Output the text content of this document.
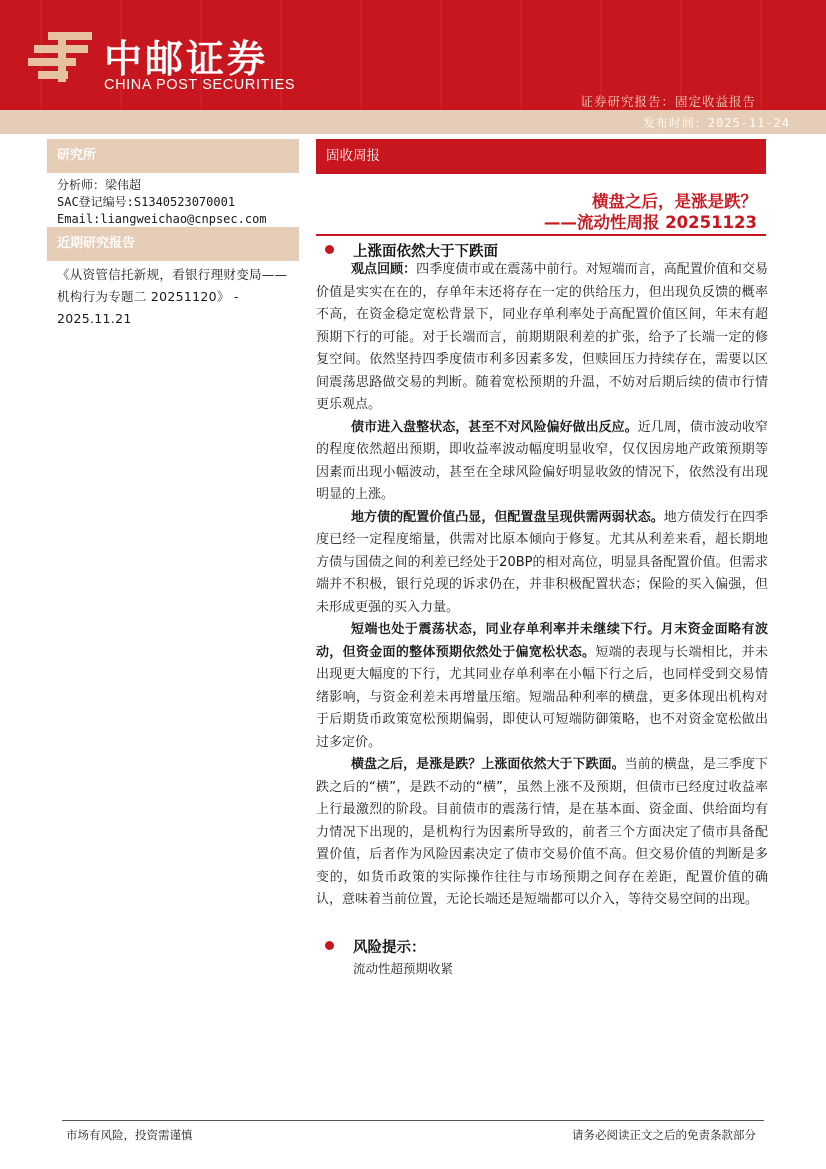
中邮证券
CHINA POST SECURITIES
证券研究报告：固定收益报告
发布时间：2025-11-24
研究所
分析师：梁伟超
SAC登记编号:S1340523070001
Email:liangweichao@cnpsec.com
近期研究报告
《从资管信托新规，看银行理财变局——机构行为专题二 20251120》 - 2025.11.21
固收周报
横盘之后，是涨是跌？
——流动性周报 20251123
上涨面依然大于下跌面

观点回顾：四季度债市或在震荡中前行。对短端而言，高配置价值和交易价值是实实在在的，存单年末还将存在一定的供给压力，但出现负反馈的概率不高，在资金稳定宽松背景下，同业存单利率处于高配置价值区间，年末有超预期下行的可能。对于长端而言，前期期限利差的扩张，给予了长端一定的修复空间。依然坚持四季度债市利多因素多发，但赎回压力持续存在，需要以区间震荡思路做交易的判断。随着宽松预期的升温，不妨对后期后续的债市行情更乐观点。

债市进入盘整状态，甚至不对风险偏好做出反应。近几周，债市波动收窄的程度依然超出预期，即收益率波动幅度明显收窄，仅仅因房地产政策预期等因素而出现小幅波动，甚至在全球风险偏好明显收敛的情况下，依然没有出现明显的上涨。

地方债的配置价值凸显，但配置盘呈现供需两弱状态。地方债发行在四季度已经一定程度缩量，供需对比原本倾向于修复。尤其从利差来看，超长期地方债与国债之间的利差已经处于20BP的相对高位，明显具备配置价值。但需求端并不积极，银行兑现的诉求仍在，并非积极配置状态；保险的买入偏强，但未形成更强的买入力量。

短端也处于震荡状态，同业存单利率并未继续下行。月末资金面略有波动，但资金面的整体预期依然处于偏宽松状态。短端的表现与长端相比，并未出现更大幅度的下行，尤其同业存单利率在小幅下行之后，也同样受到交易情绪影响，与资金利差未再增量压缩。短端品种利率的横盘，更多体现出机构对于后期货币政策宽松预期偏弱，即使认可短端防御策略，也不对资金宽松做出过多定价。

横盘之后，是涨是跌？上涨面依然大于下跌面。当前的横盘，是三季度下跌之后的“横”，是跌不动的“横”，虽然上涨不及预期，但债市已经度过收益率上行最激烈的阶段。目前债市的震荡行情，是在基本面、资金面、供给面均有力情况下出现的，是机构行为因素所导致的，前者三个方面决定了债市具备配置价值，后者作为风险因素决定了债市交易价值不高。但交易价值的判断是多变的，如货币政策的实际操作往往与市场预期之间存在差距，配置价值的确认，意味着当前位置，无论长端还是短端都可以介入，等待交易空间的出现。

风险提示：
流动性超预期收紧
市场有风险，投资需谨慎	请务必阅读正文之后的免责条款部分
